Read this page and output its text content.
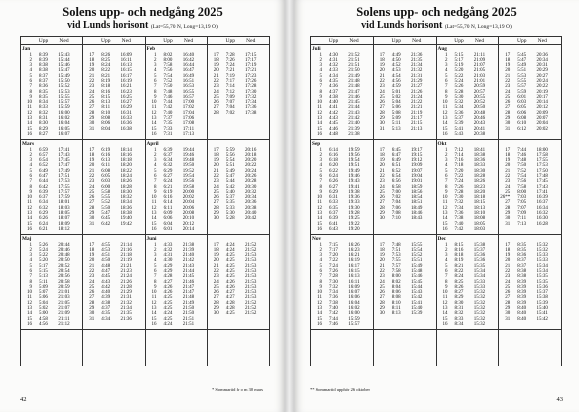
Solens upp- och nedgång 2025
vid Lunds horisont (Lat=55,70 N, Long=13,19 O)
Upp	Ned
Jan
1	8:39	15:43
2	8:39	15:44
3	8:38	15:46
4	8:38	15:47
5	8:37	15:49
6	8:37	15:50
7	8:36	15:52
8	8:35	15:53
9	8:35	15:55
10	8:34	15:57
11	8:33	15:59
12	8:32	16:00
13	8:31	16:02
14	8:30	16:04
15	8:29	16:05
16	8:27	16:07
Mars
1	6:59	17:41
2	6:57	17:43
3	6:54	17:45
4	6:52	17:47
5	6:49	17:49
6	6:47	17:51
7	6:44	17:53
8	6:42	17:55
9	6:39	17:57
10	6:37	17:59
11	6:34	18:01
12	6:32	18:03
13	6:29	18:05
14	6:26	18:07
15	6:24	18:09
16	6:21	18:12
Maj
1	5:26	20:44
2	5:24	20:46
3	5:22	20:48
4	5:20	20:50
5	5:17	20:52
6	5:15	20:54
7	5:13	20:56
8	5:11	20:58
9	5:09	20:59
10	5:07	21:01
11	5:06	21:03
12	5:04	21:05
13	5:02	21:07
14	5:00	21:09
15	4:58	21:11
16	4:56	21:12
Upp	Ned
17	8:26	16:09
18	8:25	16:11
19	8:24	16:13
20	8:22	16:15
21	8:21	16:17
22	8:19	16:19
23	8:18	16:21
24	8:16	16:23
25	8:15	16:25
26	8:13	16:27
27	8:11	16:29
28	8:10	16:31
29	8:08	16:33
30	8:06	16:36
31	8:04	16:38
17	6:19	18:14
18	6:16	18:16
19	6:13	18:18
20	6:11	18:20
21	6:08	18:22
22	6:05	18:24
23	6:03	18:26
24	6:00	18:28
25	5:58	18:30
26	5:55	18:32
27	5:52	18:34
28	5:50	18:36
29	5:47	18:38
30	6:45	19:40
31	6:42	19:42
17	4:55	21:14
18	4:53	21:16
19	4:51	21:18
20	4:50	21:19
21	4:48	21:21
22	4:47	21:23
23	4:45	21:24
24	4:43	21:26
25	4:42	21:28
26	4:40	21:29
27	4:39	21:31
28	4:38	21:32
29	4:37	21:34
30	4:35	21:35
31	4:34	21:36
Upp	Ned
Feb
1	8:02	16:40
2	8:00	16:42
3	7:58	16:44
4	7:56	16:47
5	7:54	16:49
6	7:52	16:51
7	7:50	16:53
8	7:48	16:55
9	7:46	16:57
10	7:44	17:00
11	7:42	17:02
12	7:40	17:04
13	7:37	17:06
14	7:35	17:08
15	7:33	17:11
16	7:31	17:13
April
1	6:39	19:44
2	6:37	19:46
3	6:34	19:48
4	6:32	19:50
5	6:29	19:52
6	6:27	19:54
7	6:24	19:56
8	6:21	19:58
9	6:19	20:00
10	6:16	20:02
11	6:14	20:04
12	6:11	20:06
13	6:09	20:08
14	6:06	20:10
15	6:04	20:12
16	6:01	20:14
Juni
1	4:33	21:38
2	4:32	21:39
3	4:31	21:40
4	4:30	21:42
5	4:29	21:43
6	4:29	21:44
7	4:28	21:45
8	4:27	21:46
9	4:26	21:47
10	4:26	21:47
11	4:25	21:48
12	4:25	21:49
13	4:25	21:50
14	4:24	21:50
15	4:25	21:51
16	4:24	21:51
Upp	Ned
17	7:28	17:15
18	7:26	17:17
19	7:24	17:19
20	7:21	17:21
21	7:19	17:23
22	7:17	17:26
23	7:14	17:28
24	7:12	17:30
25	7:09	17:32
26	7:07	17:34
27	7:04	17:36
28	7:02	17:38
17	5:59	20:16
18	5:56	20:18
19	5:54	20:20
20	5:51	20:22
21	5:49	20:24
22	5:47	20:26
23	5:44	20:28
24	5:42	20:30
25	5:40	20:32
26	5:37	20:34
27	5:35	20:36
28	5:33	20:38
29	5:30	20:40
30	5:28	20:42
17	4:24	21:52
18	4:24	21:52
19	4:25	21:53
20	4:25	21:53
21	4:25	21:53
22	4:25	21:53
23	4:25	21:53
24	4:26	21:53
25	4:26	21:53
26	4:27	21:53
27	4:27	21:53
28	4:28	21:52
29	4:28	21:52
30	4:25	21:52
* Sommartid fr o m 30 mars
42
Solens upp- och nedgång 2025
vid Lunds horisont (Lat=55,70 N, Long=13,19 O)
Upp	Ned
Juli
1	4:30	21:52
2	4:31	21:51
3	4:32	21:51
4	4:33	21:50
5	4:34	21:49
6	4:35	21:48
7	4:36	21:48
8	4:37	21:47
9	4:38	21:46
10	4:40	21:45
11	4:41	21:44
12	4:42	21:43
13	4:43	21:42
14	4:45	21:40
15	4:46	21:39
16	4:48	21:38
Sep
1	6:14	19:59
2	6:16	19:56
3	6:18	19:54
4	6:20	19:51
5	6:22	19:49
6	6:24	19:46
7	6:26	19:43
8	6:27	19:41
9	6:29	19:38
10	6:31	19:36
11	6:33	19:33
12	6:35	19:30
13	6:37	19:28
14	6:39	19:25
15	6:41	19:22
16	6:43	19:20
Nov
1	7:15	16:26
2	7:17	16:23
3	7:20	16:21
4	7:22	16:19
5	7:24	16:17
6	7:26	16:15
7	7:28	16:13
8	7:30	16:11
9	7:32	16:09
10	7:34	16:07
11	7:36	16:06
12	7:38	16:04
13	7:40	16:02
14	7:42	16:00
15	7:44	15:59
16	7:46	15:57
Upp	Ned
17	4:49	21:36
18	4:50	21:35
19	4:52	21:34
20	4:53	21:32
21	4:54	21:31
22	4:56	21:29
23	4:59	21:27
24	5:01	21:26
25	5:02	21:24
26	5:04	21:22
27	5:06	21:21
28	5:08	21:19
29	5:09	21:17
30	5:11	21:15
31	5:13	21:13
17	6:45	19:17
18	6:47	19:15
19	6:49	19:12
20	6:51	19:09
21	6:52	19:07
22	6:54	19:04
23	6:56	19:01
24	6:58	18:59
25	7:00	18:56
26	7:02	18:54
27	7:04	18:51
28	7:06	18:49
29	7:08	18:46
30	7:10	18:43
17	7:48	15:55
18	7:51	15:54
19	7:53	15:52
20	7:55	15:51
21	7:57	15:49
22	7:58	15:48
23	8:00	15:46
24	8:02	15:45
25	8:04	15:44
26	8:06	15:43
27	8:08	15:42
28	8:10	15:41
29	8:11	15:40
30	8:13	15:39
Upp	Ned
Aug
1	5:15	21:11
2	5:17	21:09
3	5:19	21:07
4	5:20	21:05
5	5:22	21:03
6	5:24	21:01
7	5:26	20:59
8	5:28	20:57
9	5:30	20:55
10	5:32	20:52
11	5:34	20:50
12	5:36	20:48
13	5:37	20:46
14	5:39	20:43
15	5:41	20:41
16	5:43	20:38
Okt
1	7:12	18:41
2	7:14	18:38
3	7:16	18:36
4	7:18	18:33
5	7:20	18:30
6	7:22	18:28
7	7:24	18:26
8	7:26	18:23
9	7:28	18:20
10	7:30	18:18
11	7:32	18:15
12	7:34	18:13
13	7:36	18:10
14	7:38	18:08
15	7:40	18:05
16	7:42	18:03
Dec
1	8:15	15:38
2	8:16	15:37
3	8:18	15:36
4	8:19	15:36
5	8:21	15:35
6	8:22	15:34
7	8:24	15:34
8	8:25	15:33
9	8:26	15:33
10	8:27	15:32
11	8:29	15:32
12	8:30	15:32
13	8:31	15:32
14	8:32	15:32
15	8:33	15:32
16	8:34	15:32
Upp	Ned
17	5:45	20:36
18	5:47	20:34
19	5:49	20:31
20	5:51	20:29
21	5:53	20:27
22	5:55	20:24
23	5:57	20:22
24	5:59	20:19
25	6:01	20:17
26	6:03	20:14
27	6:05	20:12
28	6:06	20:09
29	6:08	20:07
30	6:10	20:04
31	6:12	20:02
17	7:44	18:00
18	7:46	17:58
19	7:48	17:55
20	7:50	17:53
21	7:52	17:50
22	7:54	17:48
23	7:56	17:45
24	7:58	17:43
25	8:00	17:41
26**	7:03	16:39
27	7:05	16:37
28	7:07	16:34
29	7:09	16:32
30	7:11	16:30
31	7:13	16:28
17	8:35	15:32
18	8:35	15:32
19	8:36	15:33
20	8:37	15:33
21	8:37	15:34
22	8:38	15:34
23	8:38	15:35
24	8:39	15:35
25	8:39	15:36
26	8:39	15:37
27	8:39	15:38
28	8:39	15:39
29	8:40	15:40
30	8:40	15:41
31	8:40	15:42
** Sommartid upphör 26 oktober
43
